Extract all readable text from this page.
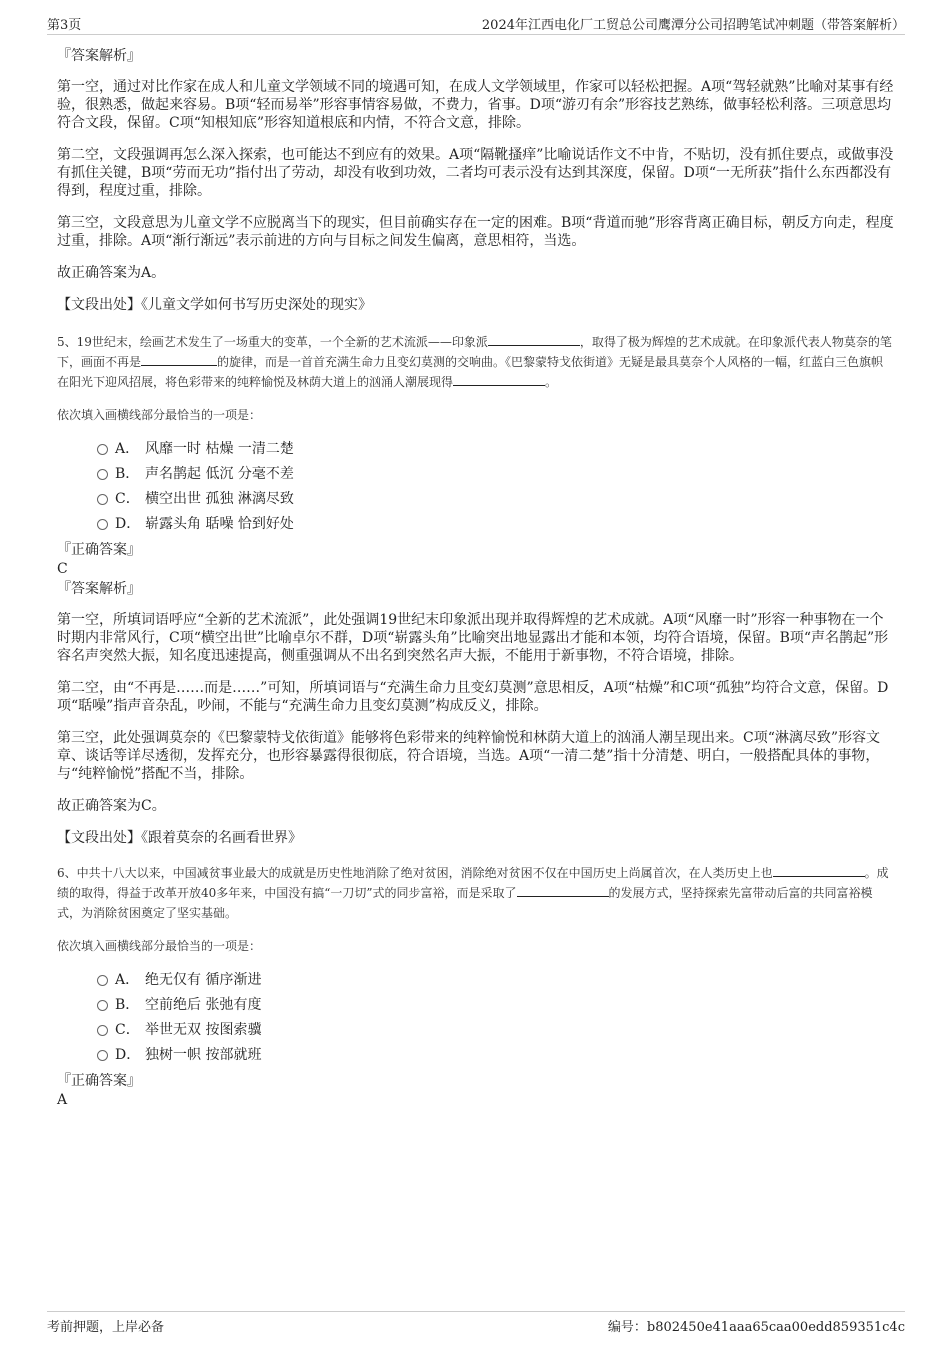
第3页	2024年江西电化厂工贸总公司鹰潭分公司招聘笔试冲刺题（带答案解析）

『答案解析』

第一空，通过对比作家在成人和儿童文学领域不同的境遇可知，在成人文学领域里，作家可以轻松把握。A项“驾轻就熟”比喻对某事有经验，很熟悉，做起来容易。B项“轻而易举”形容事情容易做，不费力，省事。D项“游刃有余”形容技艺熟练，做事轻松利落。三项意思均符合文段，保留。C项“知根知底”形容知道根底和内情，不符合文意，排除。

第二空，文段强调再怎么深入探索，也可能达不到应有的效果。A项“隔靴搔痒”比喻说话作文不中肯，不贴切，没有抓住要点，或做事没有抓住关键，B项“劳而无功”指付出了劳动，却没有收到功效，二者均可表示没有达到其深度，保留。D项“一无所获”指什么东西都没有得到，程度过重，排除。

第三空，文段意思为儿童文学不应脱离当下的现实，但目前确实存在一定的困难。B项“背道而驰”形容背离正确目标，朝反方向走，程度过重，排除。A项“渐行渐远”表示前进的方向与目标之间发生偏离，意思相符，当选。

故正确答案为A。

【文段出处】《儿童文学如何书写历史深处的现实》

5、19世纪末，绘画艺术发生了一场重大的变革，一个全新的艺术流派——印象派	，取得了极为辉煌的艺术成就。在印象派代表人物莫奈的笔下，画面不再是	的旋律，而是一首首充满生命力且变幻莫测的交响曲。《巴黎蒙特戈依街道》无疑是最具莫奈个人风格的一幅，红蓝白三色旗帜在阳光下迎风招展，将色彩带来的纯粹愉悦及林荫大道上的汹涌人潮展现得	。

依次填入画横线部分最恰当的一项是：

A． 风靡一时 枯燥 一清二楚
B． 声名鹊起 低沉 分毫不差
C． 横空出世 孤独 淋漓尽致
D． 崭露头角 聒噪 恰到好处

『正确答案』

C

『答案解析』

第一空，所填词语呼应“全新的艺术流派”，此处强调19世纪末印象派出现并取得辉煌的艺术成就。A项“风靡一时”形容一种事物在一个时期内非常风行，C项“横空出世”比喻卓尔不群，D项“崭露头角”比喻突出地显露出才能和本领，均符合语境，保留。B项“声名鹊起”形容名声突然大振，知名度迅速提高，侧重强调从不出名到突然名声大振，不能用于新事物，不符合语境，排除。

第二空，由“不再是……而是……”可知，所填词语与“充满生命力且变幻莫测”意思相反，A项“枯燥”和C项“孤独”均符合文意，保留。D项“聒噪”指声音杂乱，吵闹，不能与“充满生命力且变幻莫测”构成反义，排除。

第三空，此处强调莫奈的《巴黎蒙特戈依街道》能够将色彩带来的纯粹愉悦和林荫大道上的汹涌人潮呈现出来。C项“淋漓尽致”形容文章、谈话等详尽透彻，发挥充分，也形容暴露得很彻底，符合语境，当选。A项“一清二楚”指十分清楚、明白，一般搭配具体的事物，与“纯粹愉悦”搭配不当，排除。

故正确答案为C。

【文段出处】《跟着莫奈的名画看世界》

6、中共十八大以来，中国减贫事业最大的成就是历史性地消除了绝对贫困，消除绝对贫困不仅在中国历史上尚属首次，在人类历史上也	。成绩的取得，得益于改革开放40多年来，中国没有搞“一刀切”式的同步富裕，而是采取了	的发展方式，坚持探索先富带动后富的共同富裕模式，为消除贫困奠定了坚实基础。

依次填入画横线部分最恰当的一项是：

A． 绝无仅有 循序渐进
B． 空前绝后 张弛有度
C． 举世无双 按图索骥
D． 独树一帜 按部就班

『正确答案』

A

考前押题，上岸必备	编号：b802450e41aaa65caa00edd859351c4c
